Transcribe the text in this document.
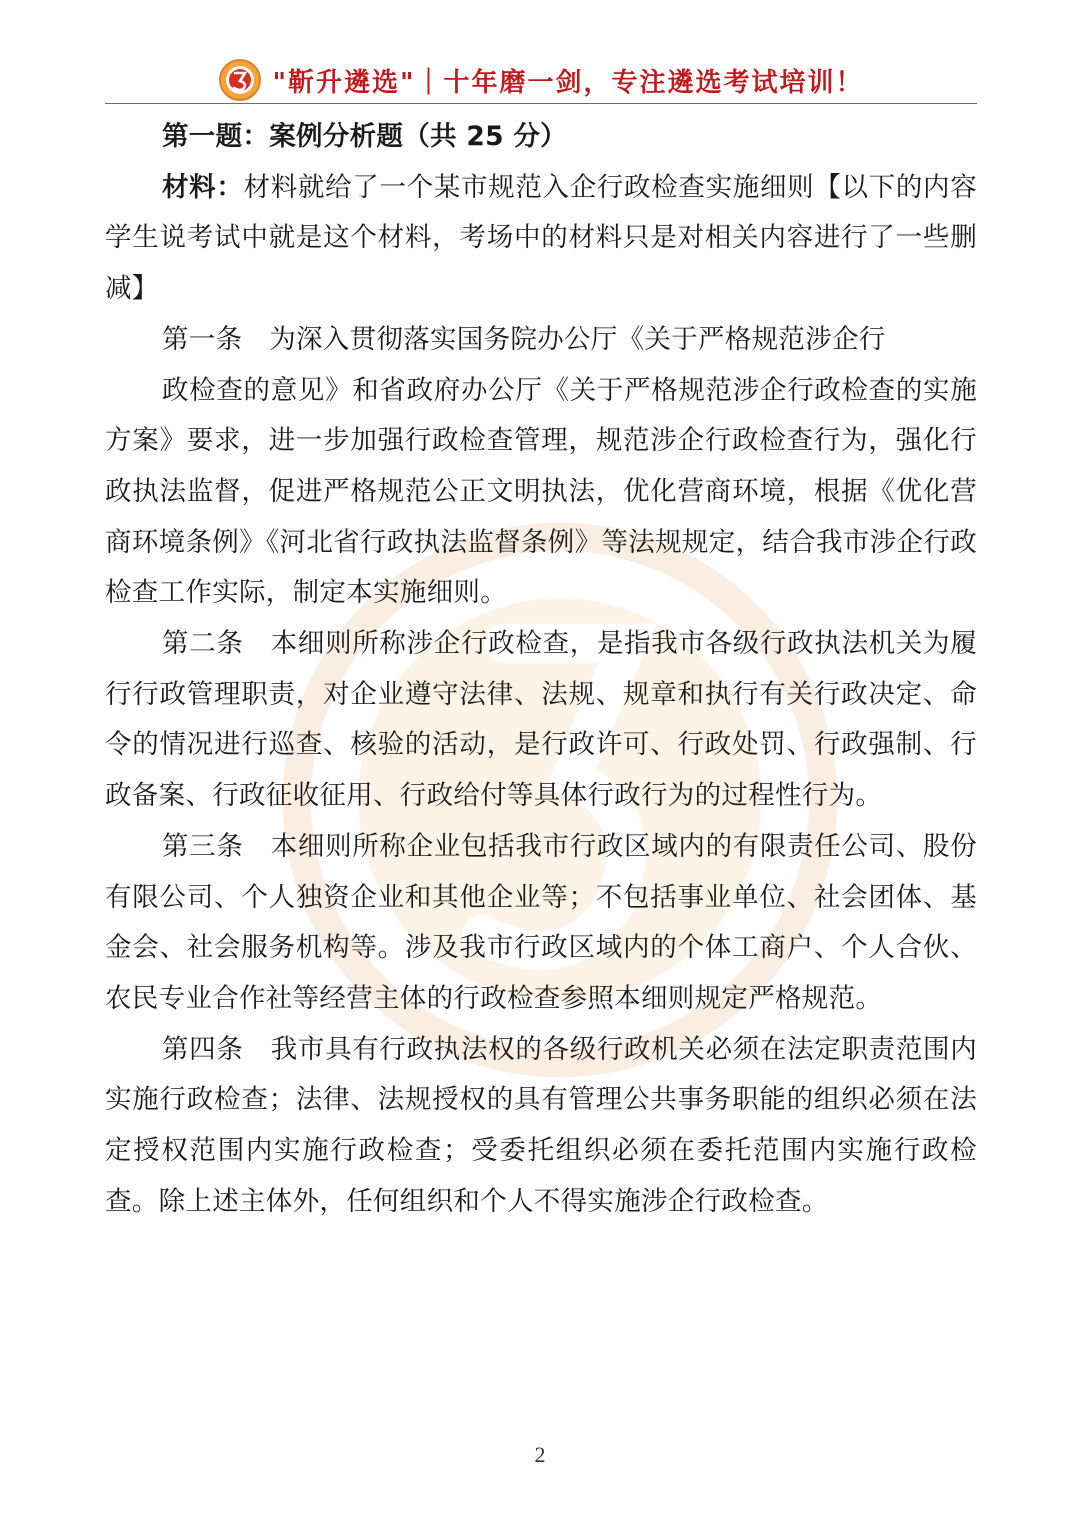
"靳升遴选"｜十年磨一剑，专注遴选考试培训！

第一题：案例分析题（共 25 分）

材料：材料就给了一个某市规范入企行政检查实施细则【以下的内容学生说考试中就是这个材料，考场中的材料只是对相关内容进行了一些删减】

第一条　为深入贯彻落实国务院办公厅《关于严格规范涉企行
政检查的意见》和省政府办公厅《关于严格规范涉企行政检查的实施方案》要求，进一步加强行政检查管理，规范涉企行政检查行为，强化行政执法监督，促进严格规范公正文明执法，优化营商环境，根据《优化营商环境条例》《河北省行政执法监督条例》等法规规定，结合我市涉企行政检查工作实际，制定本实施细则。

第二条　本细则所称涉企行政检查，是指我市各级行政执法机关为履行行政管理职责，对企业遵守法律、法规、规章和执行有关行政决定、命令的情况进行巡查、核验的活动，是行政许可、行政处罚、行政强制、行政备案、行政征收征用、行政给付等具体行政行为的过程性行为。

第三条　本细则所称企业包括我市行政区域内的有限责任公司、股份有限公司、个人独资企业和其他企业等；不包括事业单位、社会团体、基金会、社会服务机构等。涉及我市行政区域内的个体工商户、个人合伙、农民专业合作社等经营主体的行政检查参照本细则规定严格规范。

第四条　我市具有行政执法权的各级行政机关必须在法定职责范围内实施行政检查；法律、法规授权的具有管理公共事务职能的组织必须在法定授权范围内实施行政检查；受委托组织必须在委托范围内实施行政检查。除上述主体外，任何组织和个人不得实施涉企行政检查。

2
